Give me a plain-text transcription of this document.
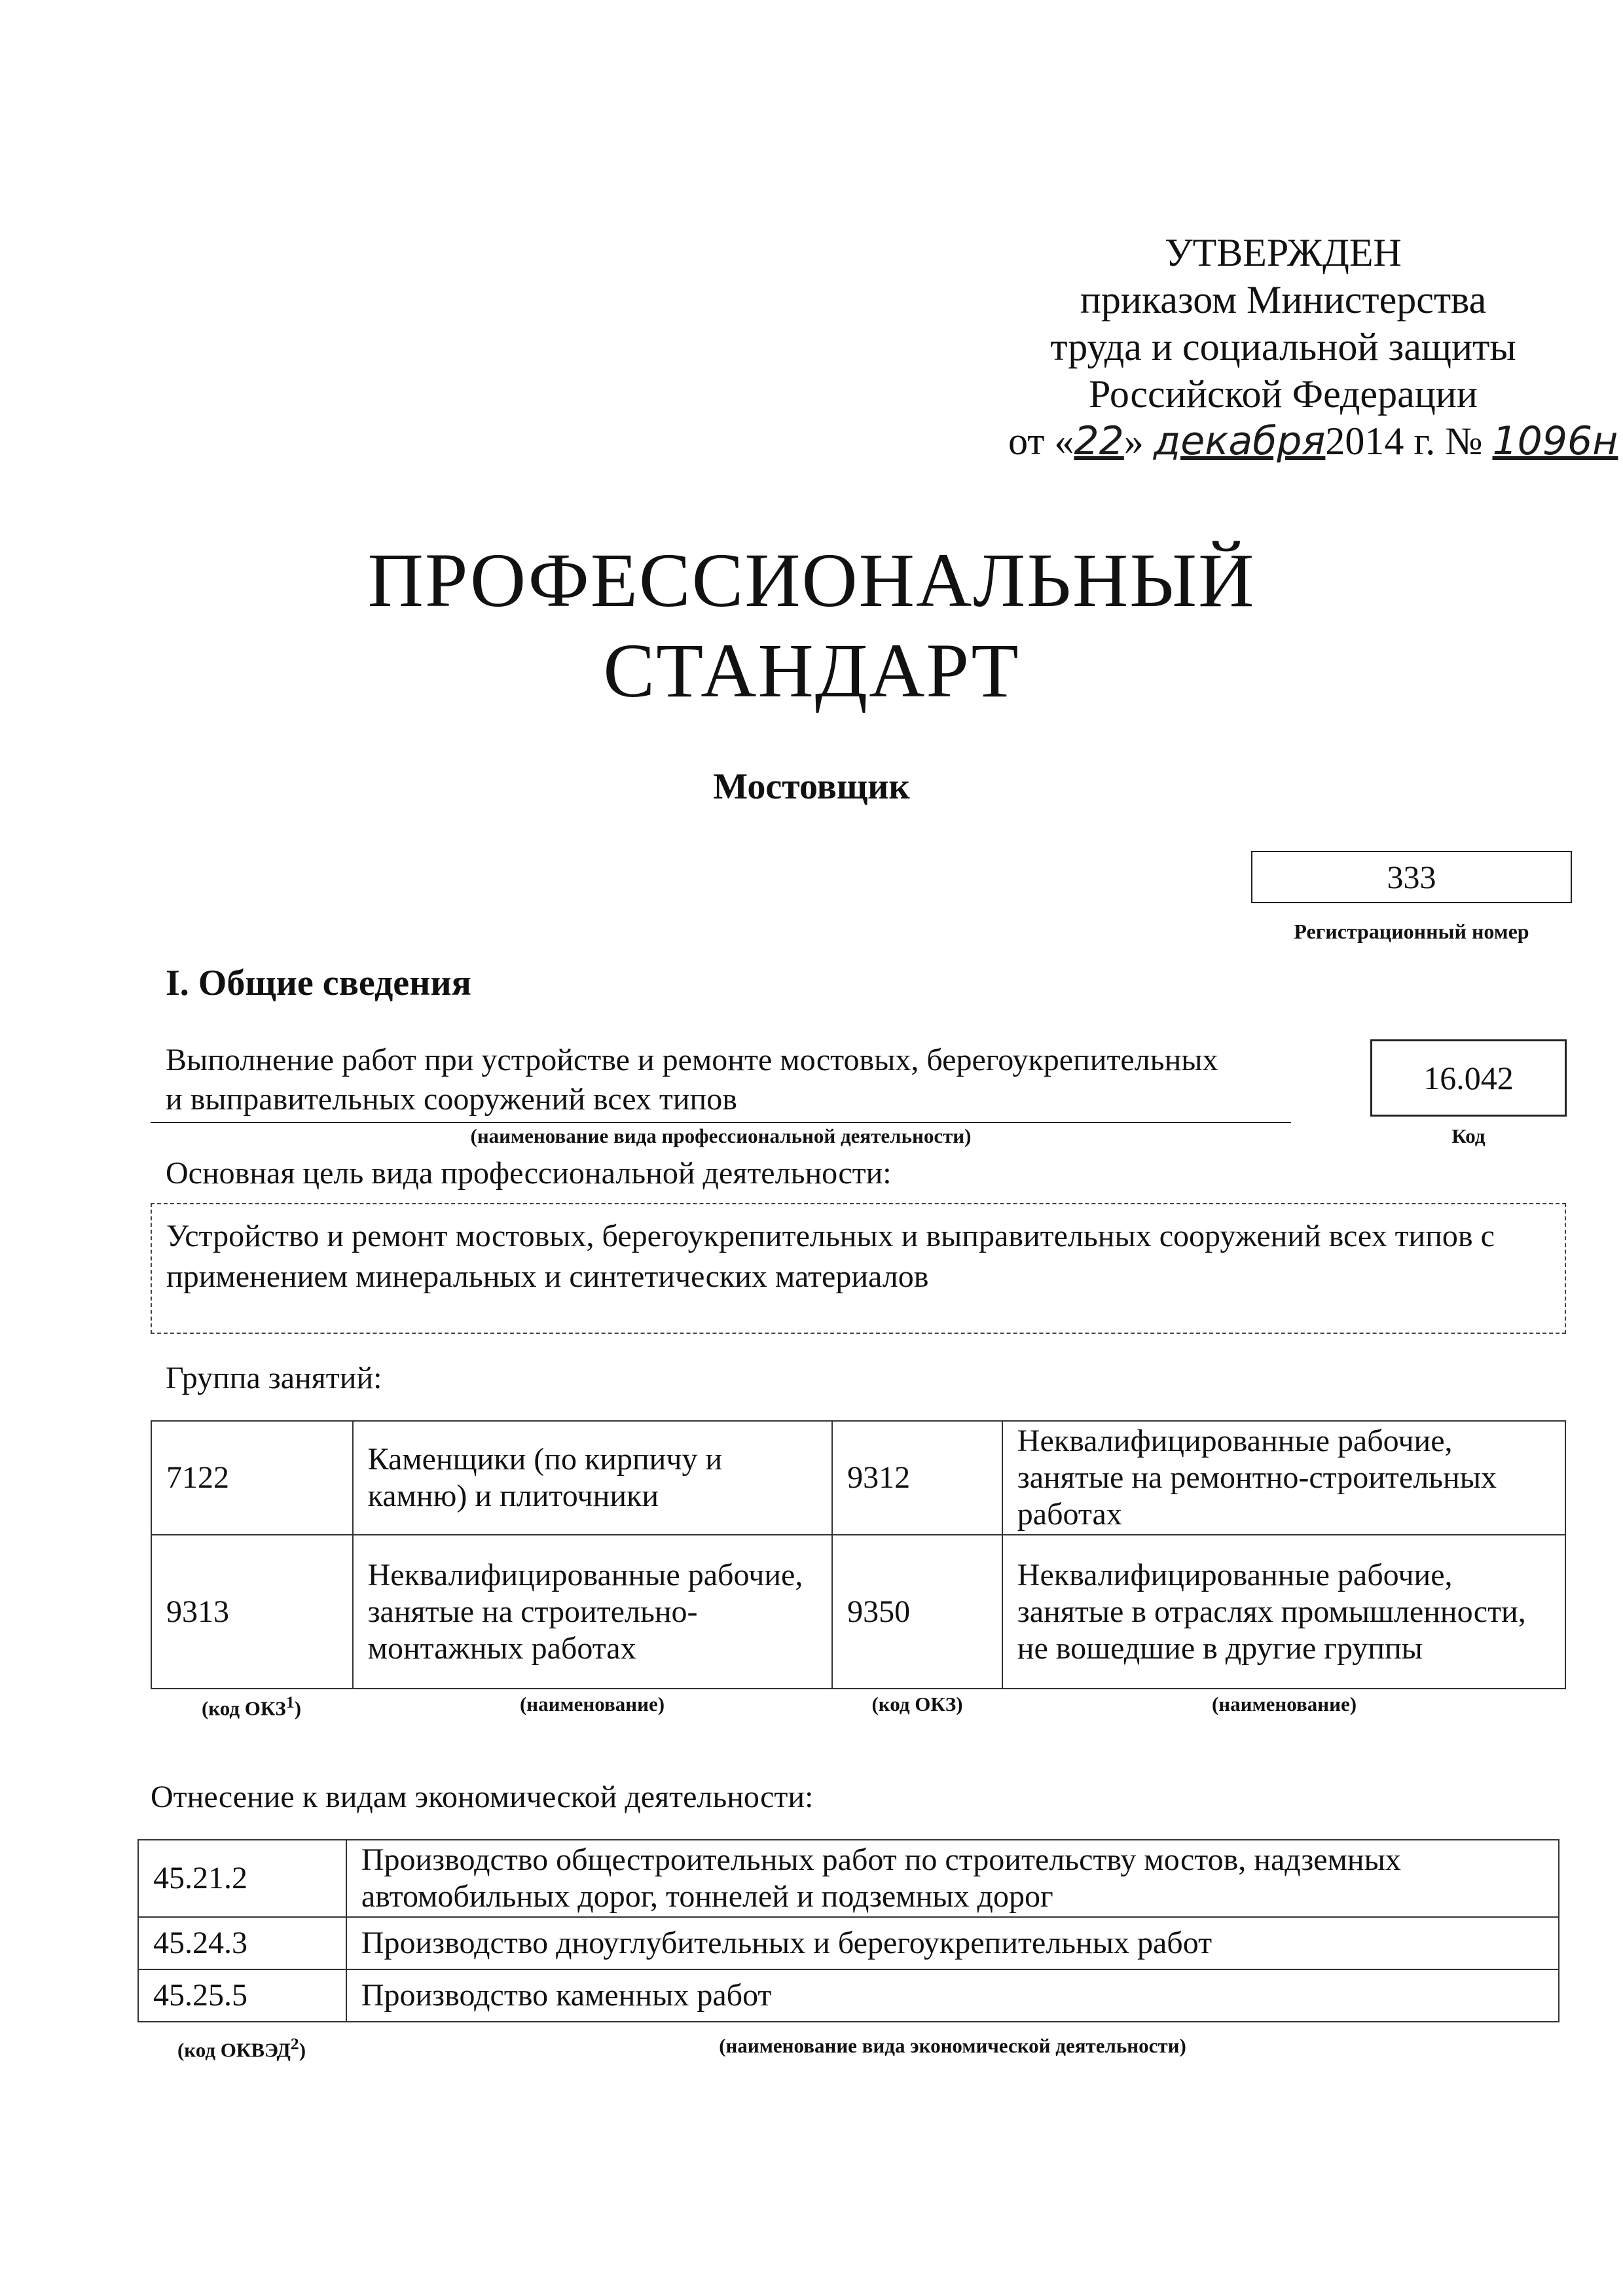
УТВЕРЖДЕН
приказом Министерства
труда и социальной защиты
Российской Федерации
от «22» декабря2014 г. № 1096н
ПРОФЕССИОНАЛЬНЫЙ
СТАНДАРТ
Мостовщик
333
Регистрационный номер
I. Общие сведения
Выполнение работ при устройстве и ремонте мостовых, берегоукрепительных
и выправительных сооружений всех типов
(наименование вида профессиональной деятельности)
16.042
Код
Основная цель вида профессиональной деятельности:
Устройство и ремонт мостовых, берегоукрепительных и выправительных сооружений всех типов с
применением минеральных и синтетических материалов
Группа занятий:
7122	Каменщики (по кирпичу и камню) и плиточники	9312	Неквалифицированные рабочие, занятые на ремонтно-строительных работах
9313	Неквалифицированные рабочие, занятые на строительно-монтажных работах	9350	Неквалифицированные рабочие, занятые в отраслях промышленности, не вошедшие в другие группы
(код ОКЗ$^1$)	(наименование)	(код ОКЗ)	(наименование)
Отнесение к видам экономической деятельности:
45.21.2	Производство общестроительных работ по строительству мостов, надземных
автомобильных дорог, тоннелей и подземных дорог

45.24.3	Производство дноуглубительных и берегоукрепительных работ
45.25.5	Производство каменных работ
(код ОКВЭД$^2$)	(наименование вида экономической деятельности)
